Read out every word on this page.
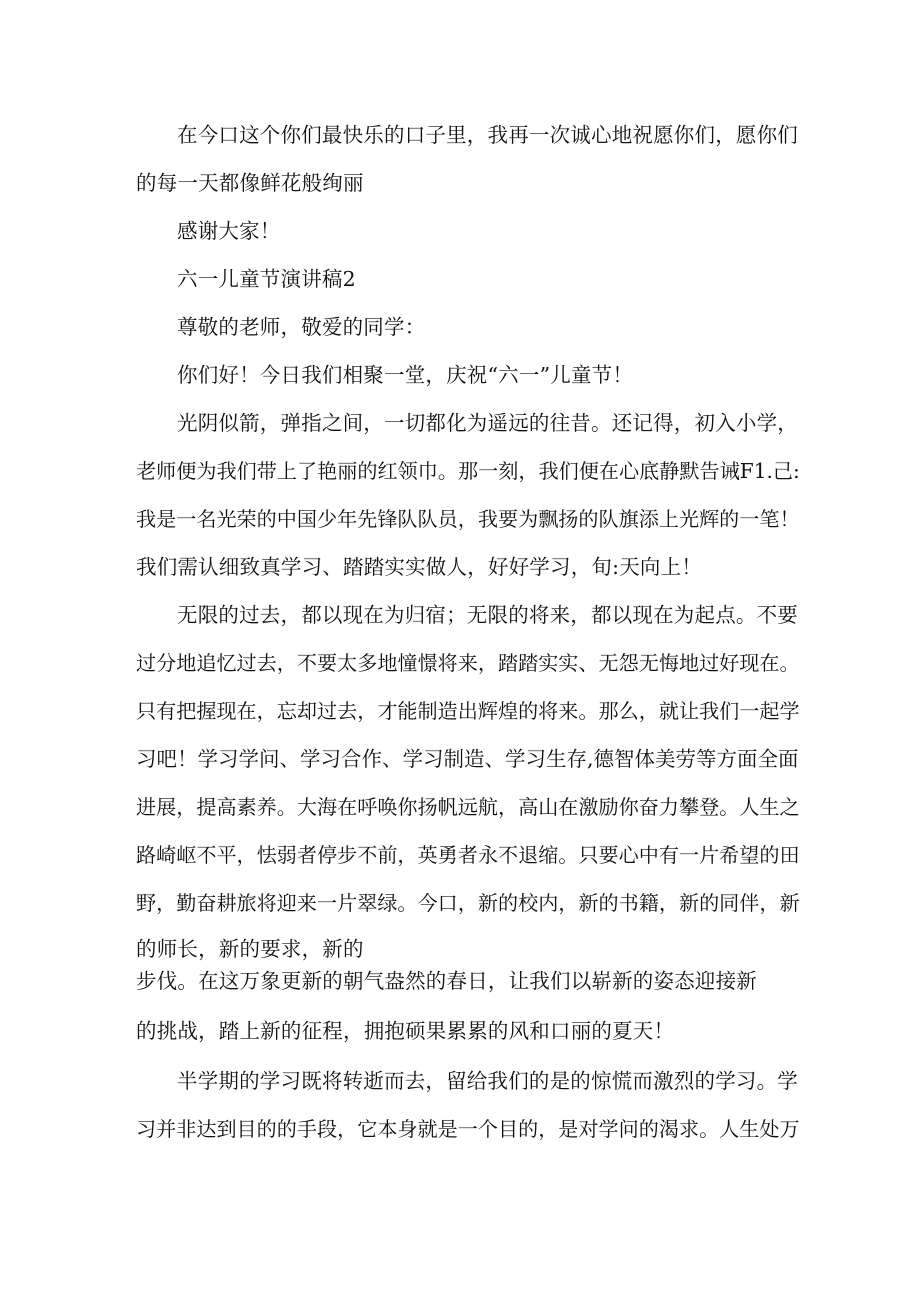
在今口这个你们最快乐的口子里，我再一次诚心地祝愿你们，愿你们
的每一天都像鲜花般绚丽
感谢大家！
六一儿童节演讲稿2
尊敬的老师，敬爱的同学：
你们好！今日我们相聚一堂，庆祝“六一”儿童节！
光阴似箭，弹指之间，一切都化为遥远的往昔。还记得，初入小学，
老师便为我们带上了艳丽的红领巾。那一刻，我们便在心底静默告诫F1.己:
我是一名光荣的中国少年先锋队队员，我要为飘扬的队旗添上光辉的一笔！
我们需认细致真学习、踏踏实实做人，好好学习，旬:天向上！
无限的过去，都以现在为归宿；无限的将来，都以现在为起点。不要
过分地追忆过去，不要太多地憧憬将来，踏踏实实、无怨无悔地过好现在。
只有把握现在，忘却过去，才能制造出辉煌的将来。那么，就让我们一起学
习吧！学习学问、学习合作、学习制造、学习生存,德智体美劳等方面全面
进展，提高素养。大海在呼唤你扬帆远航，高山在激励你奋力攀登。人生之
路崎岖不平，怯弱者停步不前，英勇者永不退缩。只要心中有一片希望的田
野，勤奋耕旅将迎来一片翠绿。今口，新的校内，新的书籍，新的同伴，新
的师长，新的要求，新的
步伐。在这万象更新的朝气盎然的春日，让我们以崭新的姿态迎接新
的挑战，踏上新的征程，拥抱硕果累累的风和口丽的夏天！
半学期的学习既将转逝而去，留给我们的是的惊慌而激烈的学习。学
习并非达到目的的手段，它本身就是一个目的，是对学问的渴求。人生处万
